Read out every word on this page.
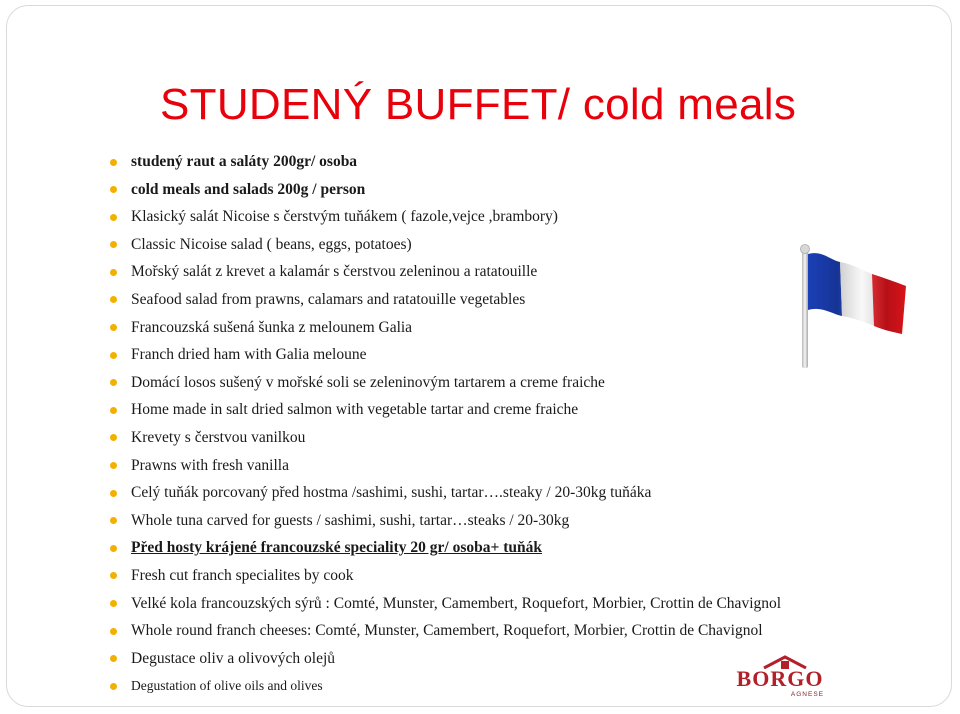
STUDENÝ BUFFET/ cold meals
studený raut a saláty 200gr/ osoba
cold meals and salads 200g / person
Klasický salát Nicoise s čerstvým tuňákem ( fazole,vejce ,brambory)
Classic Nicoise salad ( beans, eggs, potatoes)
Mořský salát z krevet a kalamár s čerstvou zeleninou a ratatouille
Seafood salad from prawns, calamars and ratatouille vegetables
Francouzská sušená šunka z melounem Galia
Franch dried ham with Galia meloune
Domácí losos sušený v mořské soli se zeleninovým tartarem a creme fraiche
Home made in salt dried salmon with vegetable tartar and creme fraiche
Krevety s čerstvou vanilkou
Prawns with fresh vanilla
Celý tuňák porcovaný před hostma /sashimi, sushi, tartar….steaky / 20-30kg tuňáka
Whole tuna carved for guests / sashimi, sushi, tartar…steaks / 20-30kg
Před hosty krájené francouzské speciality 20 gr/ osoba+ tuňák
Fresh cut franch specialites by cook
Velké kola francouzských sýrů : Comté, Munster, Camembert, Roquefort, Morbier, Crottin de Chavignol
Whole round franch cheeses: Comté, Munster, Camembert, Roquefort, Morbier, Crottin de Chavignol
Degustace oliv a olivových olejů
Degustation of olive oils and olives	BORGO
AGNESE
